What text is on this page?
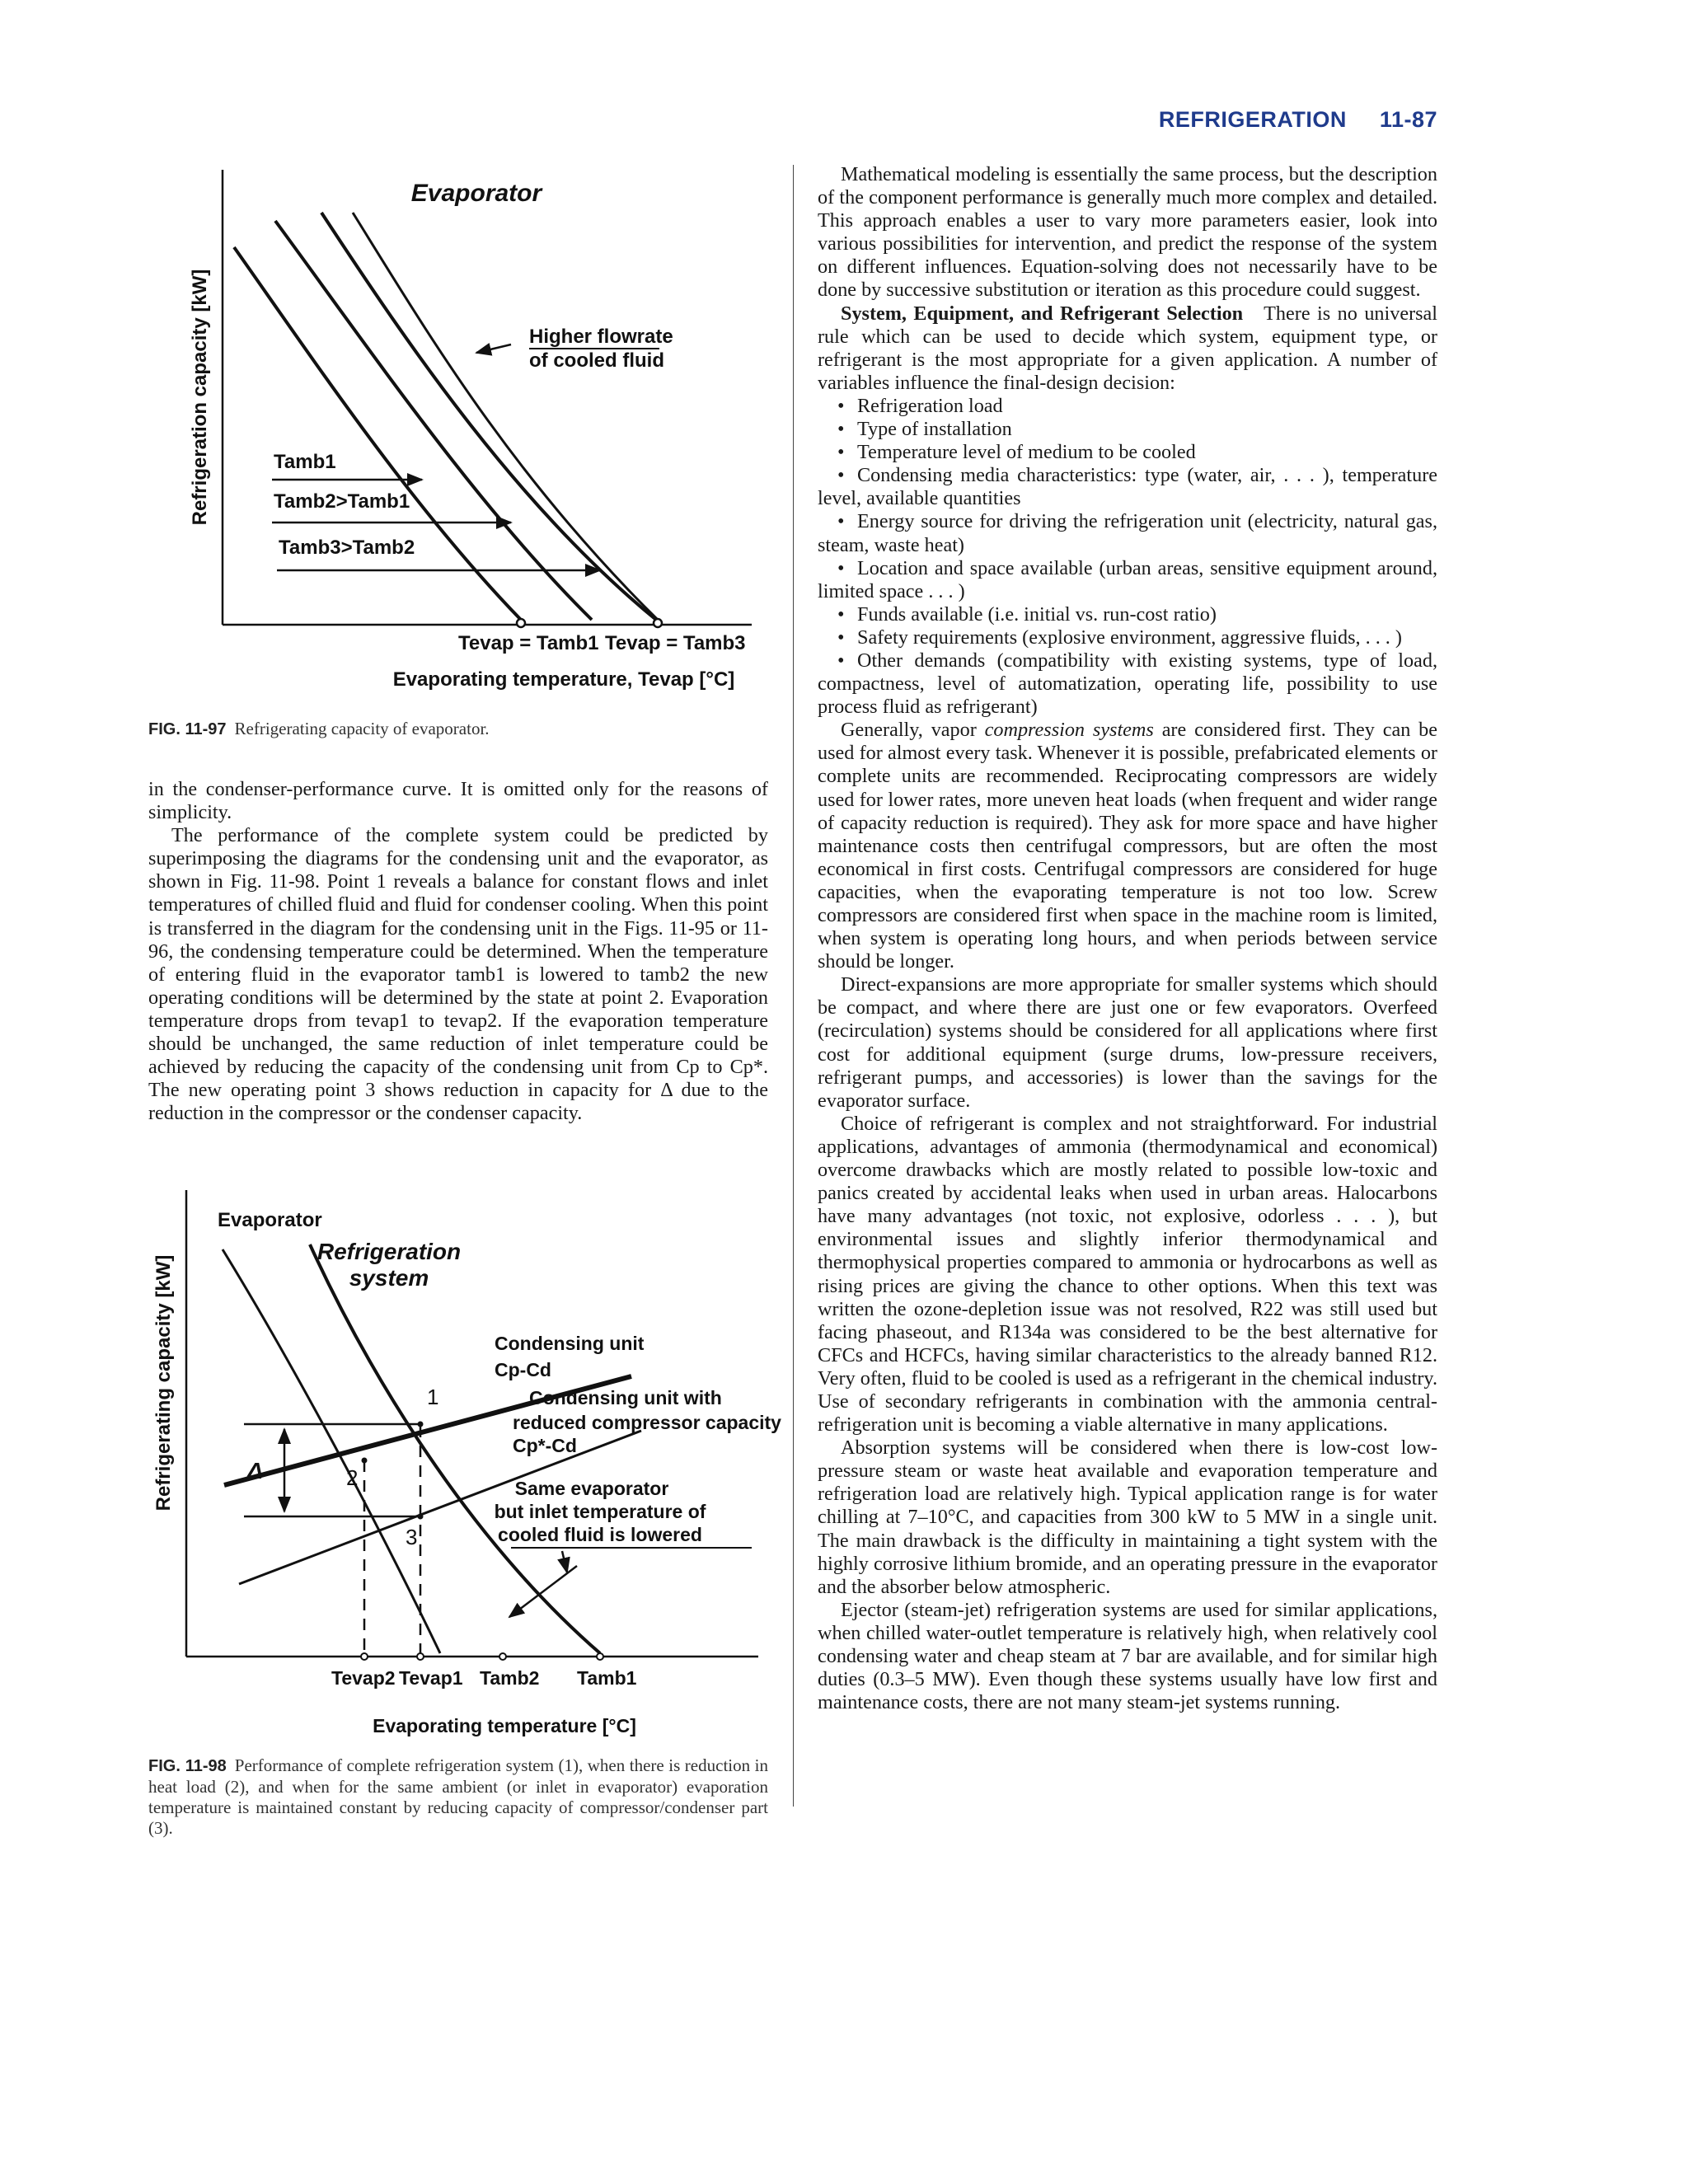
REFRIGERATION 11-87
Refrigeration capacity [kW]
Evaporator
Higher flowrate
of cooled fluid
Tamb1
Tamb2>Tamb1
Tamb3>Tamb2
Tevap = Tamb1 Tevap = Tamb3
Evaporating temperature, Tevap [°C]
FIG. 11-97 Refrigerating capacity of evaporator.

in the condenser-performance curve. It is omitted only for the reasons of simplicity.

The performance of the complete system could be predicted by superimposing the diagrams for the condensing unit and the evaporator, as shown in Fig. 11-98. Point 1 reveals a balance for constant flows and inlet temperatures of chilled fluid and fluid for condenser cooling. When this point is transferred in the diagram for the condensing unit in the Figs. 11-95 or 11-96, the condensing temperature could be determined. When the temperature of entering fluid in the evaporator tamb1 is lowered to tamb2 the new operating conditions will be determined by the state at point 2. Evaporation temperature drops from tevap1 to tevap2. If the evaporation temperature should be unchanged, the same reduction of inlet temperature could be achieved by reducing the capacity of the condensing unit from Cp to Cp*. The new operating point 3 shows reduction in capacity for Δ due to the reduction in the compressor or the condenser capacity.

Refrigerating capacity [kW]
Evaporator
Refrigeration
system
Δ
1
2
3
Condensing unit
Cp-Cd
Condensing unit with
reduced compressor capacity
Cp*-Cd
Same evaporator
but inlet temperature of
cooled fluid is lowered
Tevap2 Tevap1 Tamb2 Tamb1
Evaporating temperature [°C]
FIG. 11-98 Performance of complete refrigeration system (1), when there is reduction in heat load (2), and when for the same ambient (or inlet in evaporator) evaporation temperature is maintained constant by reducing capacity of compressor/condenser part (3).

Mathematical modeling is essentially the same process, but the description of the component performance is generally much more complex and detailed. This approach enables a user to vary more parameters easier, look into various possibilities for intervention, and predict the response of the system on different influences. Equation-solving does not necessarily have to be done by successive substitution or iteration as this procedure could suggest.

System, Equipment, and Refrigerant Selection There is no universal rule which can be used to decide which system, equipment type, or refrigerant is the most appropriate for a given application. A number of variables influence the final-design decision:

• Refrigeration load

• Type of installation

• Temperature level of medium to be cooled

• Condensing media characteristics: type (water, air, . . . ), temperature level, available quantities

• Energy source for driving the refrigeration unit (electricity, natural gas, steam, waste heat)

• Location and space available (urban areas, sensitive equipment around, limited space . . . )

• Funds available (i.e. initial vs. run-cost ratio)

• Safety requirements (explosive environment, aggressive fluids, . . . )

• Other demands (compatibility with existing systems, type of load, compactness, level of automatization, operating life, possibility to use process fluid as refrigerant)

Generally, vapor compression systems are considered first. They can be used for almost every task. Whenever it is possible, prefabricated elements or complete units are recommended. Reciprocating compressors are widely used for lower rates, more uneven heat loads (when frequent and wider range of capacity reduction is required). They ask for more space and have higher maintenance costs then centrifugal compressors, but are often the most economical in first costs. Centrifugal compressors are considered for huge capacities, when the evaporating temperature is not too low. Screw compressors are considered first when space in the machine room is limited, when system is operating long hours, and when periods between service should be longer.

Direct-expansions are more appropriate for smaller systems which should be compact, and where there are just one or few evaporators. Overfeed (recirculation) systems should be considered for all applications where first cost for additional equipment (surge drums, low-pressure receivers, refrigerant pumps, and accessories) is lower than the savings for the evaporator surface.

Choice of refrigerant is complex and not straightforward. For industrial applications, advantages of ammonia (thermodynamical and economical) overcome drawbacks which are mostly related to possible low-toxic and panics created by accidental leaks when used in urban areas. Halocarbons have many advantages (not toxic, not explosive, odorless . . . ), but environmental issues and slightly inferior thermodynamical and thermophysical properties compared to ammonia or hydrocarbons as well as rising prices are giving the chance to other options. When this text was written the ozone-depletion issue was not resolved, R22 was still used but facing phaseout, and R134a was considered to be the best alternative for CFCs and HCFCs, having similar characteristics to the already banned R12. Very often, fluid to be cooled is used as a refrigerant in the chemical industry. Use of secondary refrigerants in combination with the ammonia central-refrigeration unit is becoming a viable alternative in many applications.

Absorption systems will be considered when there is low-cost low-pressure steam or waste heat available and evaporation temperature and refrigeration load are relatively high. Typical application range is for water chilling at 7–10°C, and capacities from 300 kW to 5 MW in a single unit. The main drawback is the difficulty in maintaining a tight system with the highly corrosive lithium bromide, and an operating pressure in the evaporator and the absorber below atmospheric.

Ejector (steam-jet) refrigeration systems are used for similar applications, when chilled water-outlet temperature is relatively high, when relatively cool condensing water and cheap steam at 7 bar are available, and for similar high duties (0.3–5 MW). Even though these systems usually have low first and maintenance costs, there are not many steam-jet systems running.
